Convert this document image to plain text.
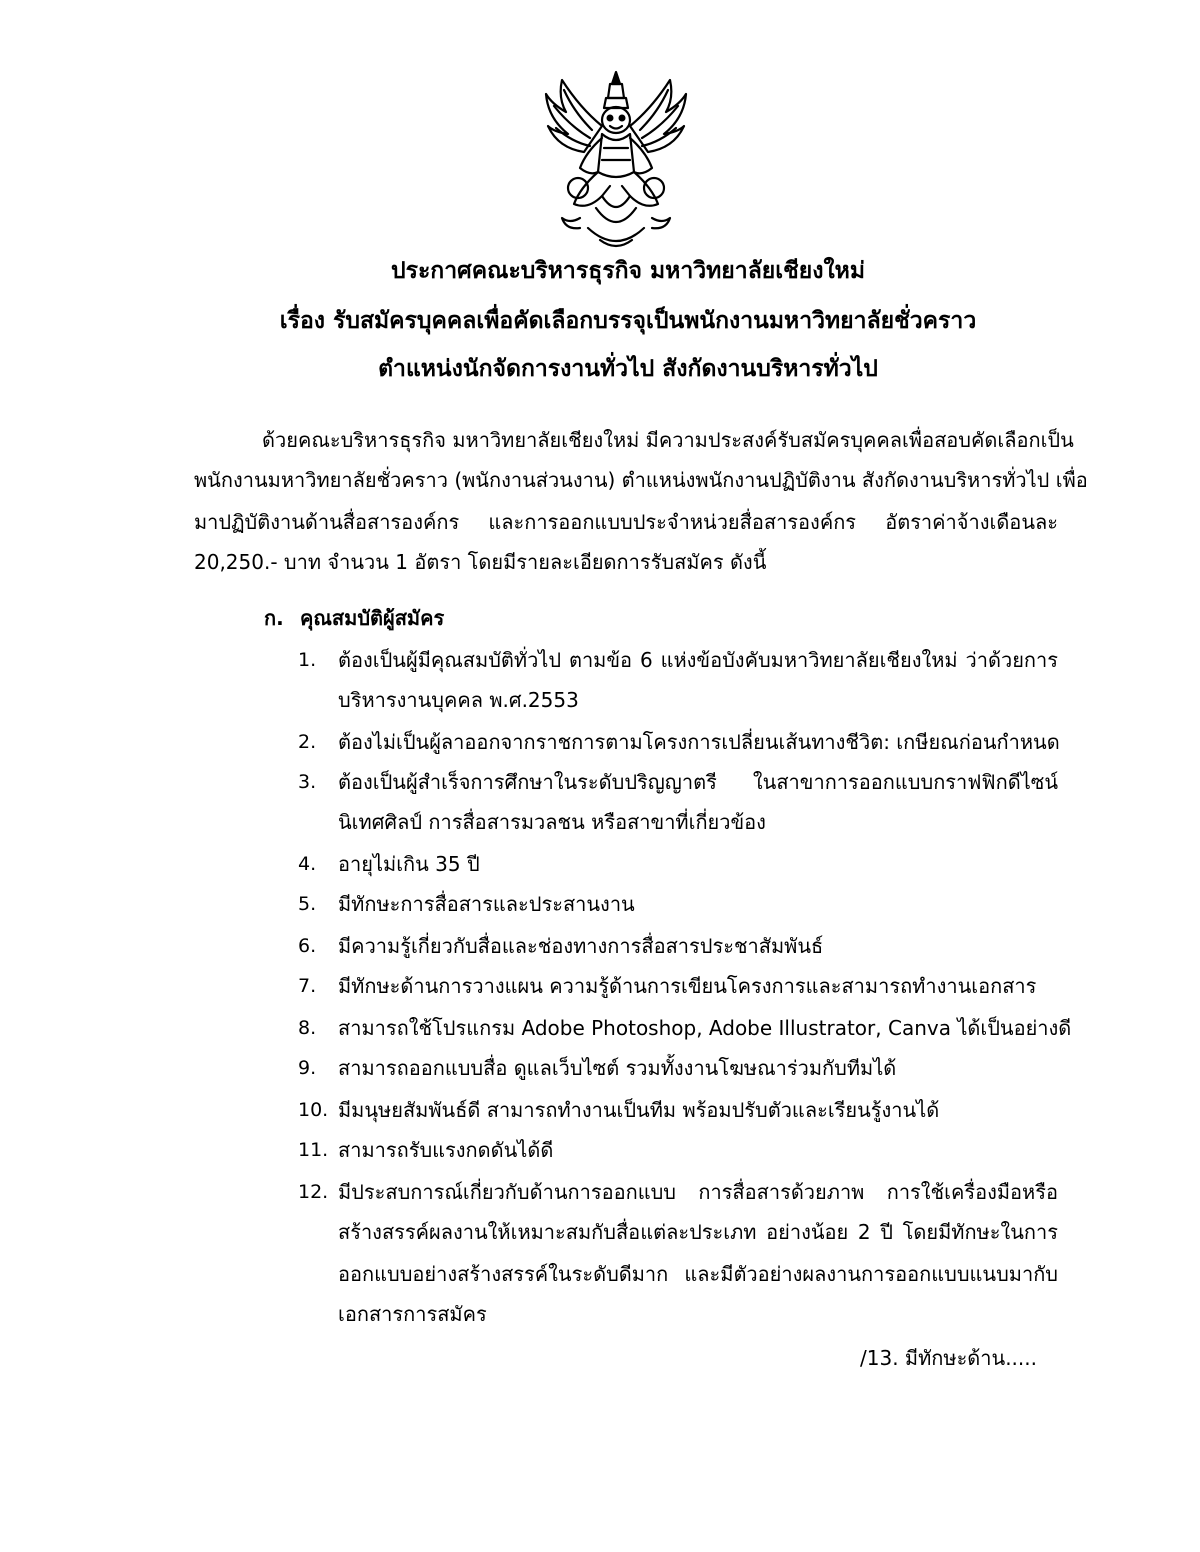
ประกาศคณะบริหารธุรกิจ มหาวิทยาลัยเชียงใหม่
เรื่อง รับสมัครบุคคลเพื่อคัดเลือกบรรจุเป็นพนักงานมหาวิทยาลัยชั่วคราว
ตำแหน่งนักจัดการงานทั่วไป สังกัดงานบริหารทั่วไป
ด้วยคณะบริหารธุรกิจ มหาวิทยาลัยเชียงใหม่ มีความประสงค์รับสมัครบุคคลเพื่อสอบคัดเลือกเป็น
พนักงานมหาวิทยาลัยชั่วคราว (พนักงานส่วนงาน) ตำแหน่งพนักงานปฏิบัติงาน สังกัดงานบริหารทั่วไป เพื่อ
มาปฏิบัติงานด้านสื่อสารองค์กร และการออกแบบประจำหน่วยสื่อสารองค์กร อัตราค่าจ้างเดือนละ
20,250.- บาท จำนวน 1 อัตรา โดยมีรายละเอียดการรับสมัคร ดังนี้
ก. คุณสมบัติผู้สมัคร
1.	ต้องเป็นผู้มีคุณสมบัติทั่วไป ตามข้อ 6 แห่งข้อบังคับมหาวิทยาลัยเชียงใหม่ ว่าด้วยการ
บริหารงานบุคคล พ.ศ.2553
2.	ต้องไม่เป็นผู้ลาออกจากราชการตามโครงการเปลี่ยนเส้นทางชีวิต: เกษียณก่อนกำหนด
3.	ต้องเป็นผู้สำเร็จการศึกษาในระดับปริญญาตรี ในสาขาการออกแบบกราฟฟิกดีไซน์
นิเทศศิลป์ การสื่อสารมวลชน หรือสาขาที่เกี่ยวข้อง
4.	อายุไม่เกิน 35 ปี
5.	มีทักษะการสื่อสารและประสานงาน
6.	มีความรู้เกี่ยวกับสื่อและช่องทางการสื่อสารประชาสัมพันธ์
7.	มีทักษะด้านการวางแผน ความรู้ด้านการเขียนโครงการและสามารถทำงานเอกสาร
8.	สามารถใช้โปรแกรม Adobe Photoshop, Adobe Illustrator, Canva ได้เป็นอย่างดี
9.	สามารถออกแบบสื่อ ดูแลเว็บไซต์ รวมทั้งงานโฆษณาร่วมกับทีมได้
10. มีมนุษยสัมพันธ์ดี สามารถทำงานเป็นทีม พร้อมปรับตัวและเรียนรู้งานได้
11. สามารถรับแรงกดดันได้ดี
12. มีประสบการณ์เกี่ยวกับด้านการออกแบบ การสื่อสารด้วยภาพ การใช้เครื่องมือหรือ
สร้างสรรค์ผลงานให้เหมาะสมกับสื่อแต่ละประเภท อย่างน้อย 2 ปี โดยมีทักษะในการ
ออกแบบอย่างสร้างสรรค์ในระดับดีมาก และมีตัวอย่างผลงานการออกแบบแนบมากับ
เอกสารการสมัคร
/13. มีทักษะด้าน.....
